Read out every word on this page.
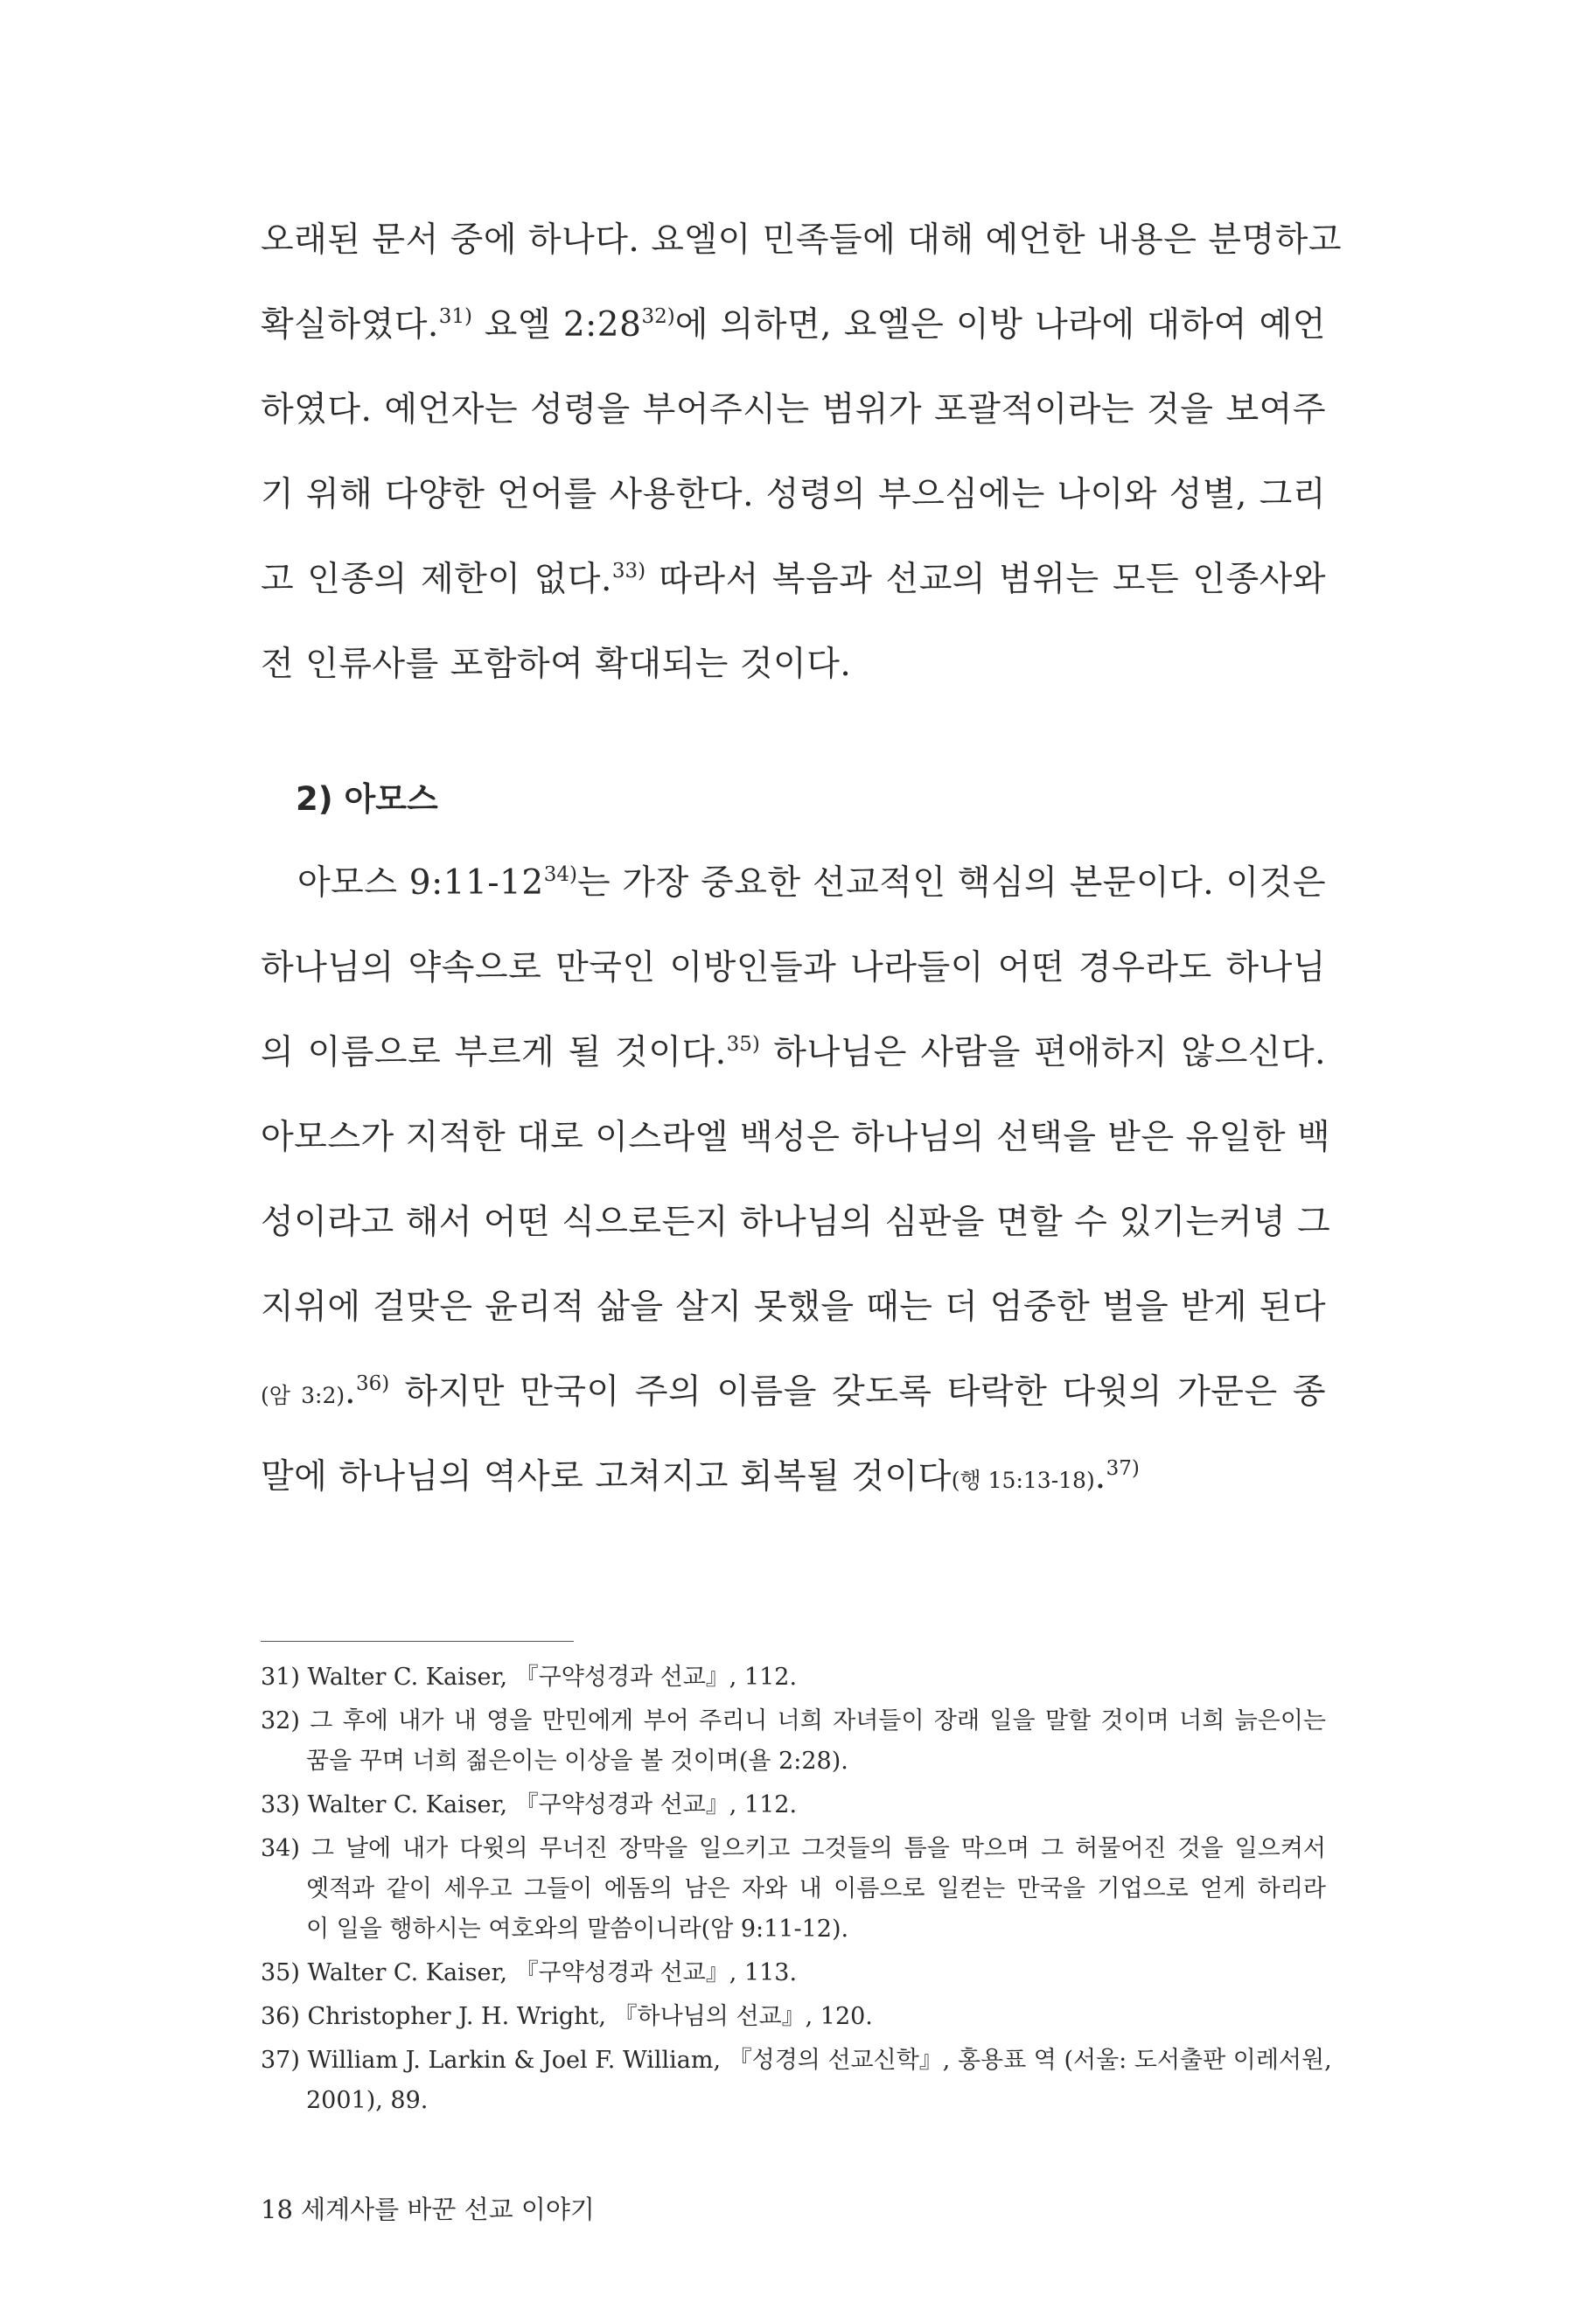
오래된 문서 중에 하나다. 요엘이 민족들에 대해 예언한 내용은 분명하고
확실하였다.$^{31)}$ 요엘 2:28$^{32)}$에 의하면, 요엘은 이방 나라에 대하여 예언
하였다. 예언자는 성령을 부어주시는 범위가 포괄적이라는 것을 보여주
기 위해 다양한 언어를 사용한다. 성령의 부으심에는 나이와 성별, 그리
고 인종의 제한이 없다.$^{33)}$ 따라서 복음과 선교의 범위는 모든 인종사와
전 인류사를 포함하여 확대되는 것이다.
2) 아모스
아모스 9:11-12$^{34)}$는 가장 중요한 선교적인 핵심의 본문이다. 이것은
하나님의 약속으로 만국인 이방인들과 나라들이 어떤 경우라도 하나님
의 이름으로 부르게 될 것이다.$^{35)}$ 하나님은 사람을 편애하지 않으신다.
아모스가 지적한 대로 이스라엘 백성은 하나님의 선택을 받은 유일한 백
성이라고 해서 어떤 식으로든지 하나님의 심판을 면할 수 있기는커녕 그
지위에 걸맞은 윤리적 삶을 살지 못했을 때는 더 엄중한 벌을 받게 된다
(암 3:2).$^{36)}$ 하지만 만국이 주의 이름을 갖도록 타락한 다윗의 가문은 종
말에 하나님의 역사로 고쳐지고 회복될 것이다(행 15:13-18).$^{37)}$
31) Walter C. Kaiser, 『구약성경과 선교』, 112.
32) 그 후에 내가 내 영을 만민에게 부어 주리니 너희 자녀들이 장래 일을 말할 것이며 너희 늙은이는
꿈을 꾸며 너희 젊은이는 이상을 볼 것이며(욜 2:28).
33) Walter C. Kaiser, 『구약성경과 선교』, 112.
34) 그 날에 내가 다윗의 무너진 장막을 일으키고 그것들의 틈을 막으며 그 허물어진 것을 일으켜서
옛적과 같이 세우고 그들이 에돔의 남은 자와 내 이름으로 일컫는 만국을 기업으로 얻게 하리라
이 일을 행하시는 여호와의 말씀이니라(암 9:11-12).
35) Walter C. Kaiser, 『구약성경과 선교』, 113.
36) Christopher J. H. Wright, 『하나님의 선교』, 120.
37) William J. Larkin & Joel F. William, 『성경의 선교신학』, 홍용표 역 (서울: 도서출판 이레서원,
2001), 89.
18 세계사를 바꾼 선교 이야기
